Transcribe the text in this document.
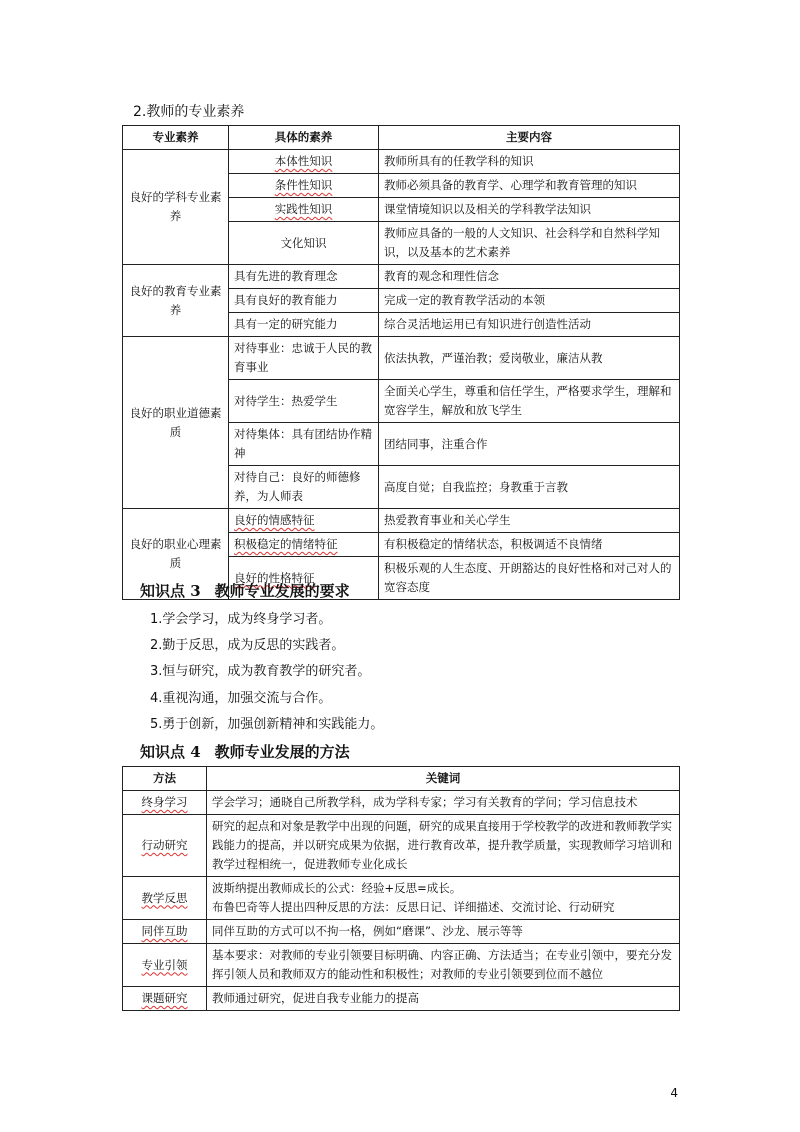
2.教师的专业素养
专业素养	具体的素养	主要内容
良好的学科专业素养	本体性知识	教师所具有的任教学科的知识
	条件性知识	教师必须具备的教育学、心理学和教育管理的知识
	实践性知识	课堂情境知识以及相关的学科教学法知识
	文化知识	教师应具备的一般的人文知识、社会科学和自然科学知识，以及基本的艺术素养
良好的教育专业素养	具有先进的教育理念	教育的观念和理性信念
	具有良好的教育能力	完成一定的教育教学活动的本领
	具有一定的研究能力	综合灵活地运用已有知识进行创造性活动
良好的职业道德素质	对待事业：忠诚于人民的教育事业	依法执教，严谨治教；爱岗敬业，廉洁从教
	对待学生：热爱学生	全面关心学生，尊重和信任学生，严格要求学生，理解和宽容学生，解放和放飞学生
	对待集体：具有团结协作精神	团结同事，注重合作
	对待自己：良好的师德修养，为人师表	高度自觉；自我监控；身教重于言教
良好的职业心理素质	良好的情感特征	热爱教育事业和关心学生
	积极稳定的情绪特征	有积极稳定的情绪状态，积极调适不良情绪
	良好的性格特征	积极乐观的人生态度、开朗豁达的良好性格和对己对人的宽容态度
知识点 3 教师专业发展的要求
1.学会学习，成为终身学习者。
2.勤于反思，成为反思的实践者。
3.恒与研究，成为教育教学的研究者。
4.重视沟通，加强交流与合作。
5.勇于创新，加强创新精神和实践能力。
知识点 4 教师专业发展的方法
方法	关键词
终身学习	学会学习；通晓自己所教学科，成为学科专家；学习有关教育的学问；学习信息技术
行动研究	研究的起点和对象是教学中出现的问题，研究的成果直接用于学校教学的改进和教师教学实践能力的提高，并以研究成果为依据，进行教育改革，提升教学质量，实现教师学习培训和教学过程相统一，促进教师专业化成长
教学反思	波斯纳提出教师成长的公式：经验+反思=成长。
布鲁巴奇等人提出四种反思的方法：反思日记、详细描述、交流讨论、行动研究

同伴互助	同伴互助的方式可以不拘一格，例如“磨课”、沙龙、展示等等
专业引领	基本要求：对教师的专业引领要目标明确、内容正确、方法适当；在专业引领中，要充分发挥引领人员和教师双方的能动性和积极性；对教师的专业引领要到位而不越位
课题研究	教师通过研究，促进自我专业能力的提高
4
